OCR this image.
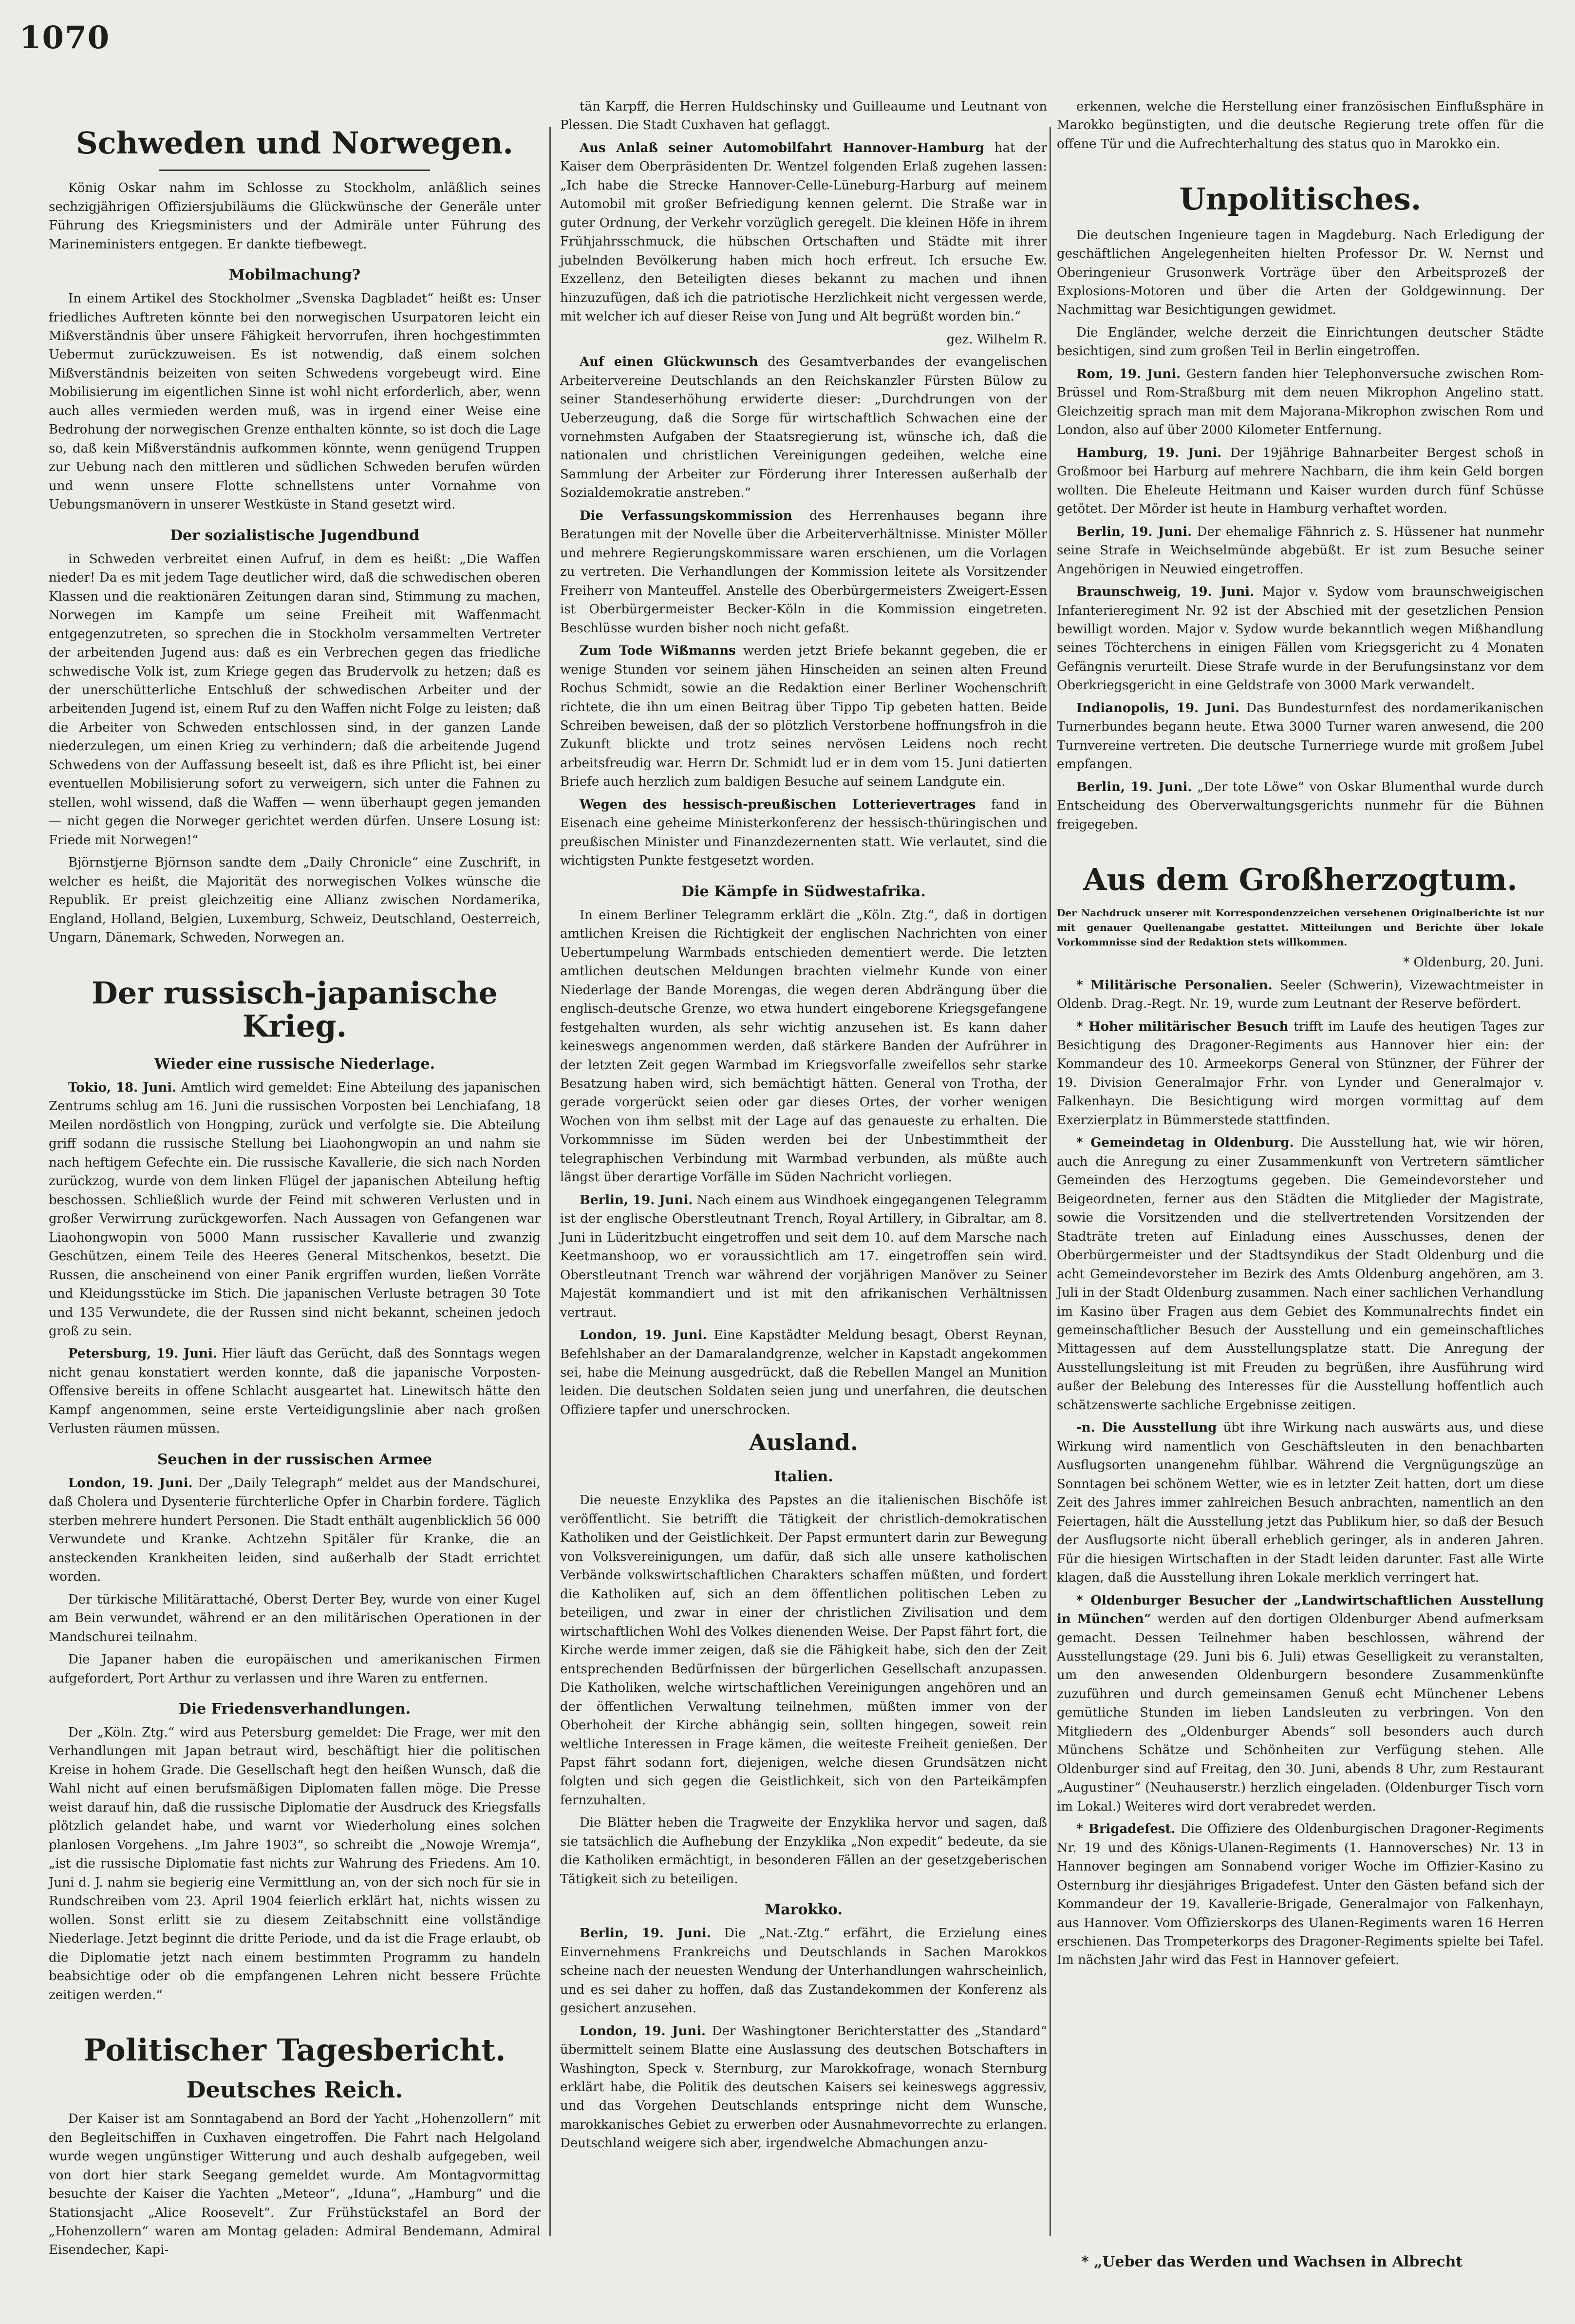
1070
Schweden und Norwegen.

König Oskar nahm im Schlosse zu Stockholm, anläßlich seines sechzigjährigen Offiziersjubiläums die Glückwünsche der Generäle unter Führung des Kriegsministers und der Admiräle unter Führung des Marineministers entgegen. Er dankte tiefbewegt.

Mobilmachung?

In einem Artikel des Stockholmer „Svenska Dagbladet“ heißt es: Unser friedliches Auftreten könnte bei den norwegischen Usurpatoren leicht ein Mißverständnis über unsere Fähigkeit hervorrufen, ihren hochgestimmten Uebermut zurückzuweisen. Es ist notwendig, daß einem solchen Mißverständnis beizeiten von seiten Schwedens vorgebeugt wird. Eine Mobilisierung im eigentlichen Sinne ist wohl nicht erforderlich, aber, wenn auch alles vermieden werden muß, was in irgend einer Weise eine Bedrohung der norwegischen Grenze enthalten könnte, so ist doch die Lage so, daß kein Mißverständnis aufkommen könnte, wenn genügend Truppen zur Uebung nach den mittleren und südlichen Schweden berufen würden und wenn unsere Flotte schnellstens unter Vornahme von Uebungsmanövern in unserer Westküste in Stand gesetzt wird.

Der sozialistische Jugendbund

in Schweden verbreitet einen Aufruf, in dem es heißt: „Die Waffen nieder! Da es mit jedem Tage deutlicher wird, daß die schwedischen oberen Klassen und die reaktionären Zeitungen daran sind, Stimmung zu machen, Norwegen im Kampfe um seine Freiheit mit Waffenmacht entgegenzutreten, so sprechen die in Stockholm versammelten Vertreter der arbeitenden Jugend aus: daß es ein Verbrechen gegen das friedliche schwedische Volk ist, zum Kriege gegen das Brudervolk zu hetzen; daß es der unerschütterliche Entschluß der schwedischen Arbeiter und der arbeitenden Jugend ist, einem Ruf zu den Waffen nicht Folge zu leisten; daß die Arbeiter von Schweden entschlossen sind, in der ganzen Lande niederzulegen, um einen Krieg zu verhindern; daß die arbeitende Jugend Schwedens von der Auffassung beseelt ist, daß es ihre Pflicht ist, bei einer eventuellen Mobilisierung sofort zu verweigern, sich unter die Fahnen zu stellen, wohl wissend, daß die Waffen — wenn überhaupt gegen jemanden — nicht gegen die Norweger gerichtet werden dürfen. Unsere Losung ist: Friede mit Norwegen!“

Björnstjerne Björnson sandte dem „Daily Chronicle“ eine Zuschrift, in welcher es heißt, die Majorität des norwegischen Volkes wünsche die Republik. Er preist gleichzeitig eine Allianz zwischen Nordamerika, England, Holland, Belgien, Luxemburg, Schweiz, Deutschland, Oesterreich, Ungarn, Dänemark, Schweden, Norwegen an.

Der russisch-japanische Krieg.
Wieder eine russische Niederlage.

Tokio, 18. Juni. Amtlich wird gemeldet: Eine Abteilung des japanischen Zentrums schlug am 16. Juni die russischen Vorposten bei Lenchiafang, 18 Meilen nordöstlich von Hongping, zurück und verfolgte sie. Die Abteilung griff sodann die russische Stellung bei Liaohongwopin an und nahm sie nach heftigem Gefechte ein. Die russische Kavallerie, die sich nach Norden zurückzog, wurde von dem linken Flügel der japanischen Abteilung heftig beschossen. Schließlich wurde der Feind mit schweren Verlusten und in großer Verwirrung zurückgeworfen. Nach Aussagen von Gefangenen war Liaohongwopin von 5000 Mann russischer Kavallerie und zwanzig Geschützen, einem Teile des Heeres General Mitschenkos, besetzt. Die Russen, die anscheinend von einer Panik ergriffen wurden, ließen Vorräte und Kleidungsstücke im Stich. Die japanischen Verluste betragen 30 Tote und 135 Verwundete, die der Russen sind nicht bekannt, scheinen jedoch groß zu sein.

Petersburg, 19. Juni. Hier läuft das Gerücht, daß des Sonntags wegen nicht genau konstatiert werden konnte, daß die japanische Vorposten-Offensive bereits in offene Schlacht ausgeartet hat. Linewitsch hätte den Kampf angenommen, seine erste Verteidigungslinie aber nach großen Verlusten räumen müssen.

Seuchen in der russischen Armee

London, 19. Juni. Der „Daily Telegraph“ meldet aus der Mandschurei, daß Cholera und Dysenterie fürchterliche Opfer in Charbin fordere. Täglich sterben mehrere hundert Personen. Die Stadt enthält augenblicklich 56 000 Verwundete und Kranke. Achtzehn Spitäler für Kranke, die an ansteckenden Krankheiten leiden, sind außerhalb der Stadt errichtet worden.

Der türkische Militärattaché, Oberst Derter Bey, wurde von einer Kugel am Bein verwundet, während er an den militärischen Operationen in der Mandschurei teilnahm.

Die Japaner haben die europäischen und amerikanischen Firmen aufgefordert, Port Arthur zu verlassen und ihre Waren zu entfernen.

Die Friedensverhandlungen.

Der „Köln. Ztg.“ wird aus Petersburg gemeldet: Die Frage, wer mit den Verhandlungen mit Japan betraut wird, beschäftigt hier die politischen Kreise in hohem Grade. Die Gesellschaft hegt den heißen Wunsch, daß die Wahl nicht auf einen berufsmäßigen Diplomaten fallen möge. Die Presse weist darauf hin, daß die russische Diplomatie der Ausdruck des Kriegsfalls plötzlich gelandet habe, und warnt vor Wiederholung eines solchen planlosen Vorgehens. „Im Jahre 1903“, so schreibt die „Nowoje Wremja“, „ist die russische Diplomatie fast nichts zur Wahrung des Friedens. Am 10. Juni d. J. nahm sie begierig eine Vermittlung an, von der sich noch für sie in Rundschreiben vom 23. April 1904 feierlich erklärt hat, nichts wissen zu wollen. Sonst erlitt sie zu diesem Zeitabschnitt eine vollständige Niederlage. Jetzt beginnt die dritte Periode, und da ist die Frage erlaubt, ob die Diplomatie jetzt nach einem bestimmten Programm zu handeln beabsichtige oder ob die empfangenen Lehren nicht bessere Früchte zeitigen werden.“

Politischer Tagesbericht.
Deutsches Reich.

Der Kaiser ist am Sonntagabend an Bord der Yacht „Hohenzollern“ mit den Begleitschiffen in Cuxhaven eingetroffen. Die Fahrt nach Helgoland wurde wegen ungünstiger Witterung und auch deshalb aufgegeben, weil von dort hier stark Seegang gemeldet wurde. Am Montagvormittag besuchte der Kaiser die Yachten „Meteor“, „Iduna“, „Hamburg“ und die Stationsjacht „Alice Roosevelt“. Zur Frühstückstafel an Bord der „Hohenzollern“ waren am Montag geladen: Admiral Bendemann, Admiral Eisendecher, Kapi-

tän Karpff, die Herren Huldschinsky und Guilleaume und Leutnant von Plessen. Die Stadt Cuxhaven hat geflaggt.

Aus Anlaß seiner Automobilfahrt Hannover-Hamburg hat der Kaiser dem Oberpräsidenten Dr. Wentzel folgenden Erlaß zugehen lassen: „Ich habe die Strecke Hannover-Celle-Lüneburg-Harburg auf meinem Automobil mit großer Befriedigung kennen gelernt. Die Straße war in guter Ordnung, der Verkehr vorzüglich geregelt. Die kleinen Höfe in ihrem Frühjahrsschmuck, die hübschen Ortschaften und Städte mit ihrer jubelnden Bevölkerung haben mich hoch erfreut. Ich ersuche Ew. Exzellenz, den Beteiligten dieses bekannt zu machen und ihnen hinzuzufügen, daß ich die patriotische Herzlichkeit nicht vergessen werde, mit welcher ich auf dieser Reise von Jung und Alt begrüßt worden bin.“

gez. Wilhelm R.

Auf einen Glückwunsch des Gesamtverbandes der evangelischen Arbeitervereine Deutschlands an den Reichskanzler Fürsten Bülow zu seiner Standeserhöhung erwiderte dieser: „Durchdrungen von der Ueberzeugung, daß die Sorge für wirtschaftlich Schwachen eine der vornehmsten Aufgaben der Staatsregierung ist, wünsche ich, daß die nationalen und christlichen Vereinigungen gedeihen, welche eine Sammlung der Arbeiter zur Förderung ihrer Interessen außerhalb der Sozialdemokratie anstreben.“

Die Verfassungskommission des Herrenhauses begann ihre Beratungen mit der Novelle über die Arbeiterverhältnisse. Minister Möller und mehrere Regierungskommissare waren erschienen, um die Vorlagen zu vertreten. Die Verhandlungen der Kommission leitete als Vorsitzender Freiherr von Manteuffel. Anstelle des Oberbürgermeisters Zweigert-Essen ist Oberbürgermeister Becker-Köln in die Kommission eingetreten. Beschlüsse wurden bisher noch nicht gefaßt.

Zum Tode Wißmanns werden jetzt Briefe bekannt gegeben, die er wenige Stunden vor seinem jähen Hinscheiden an seinen alten Freund Rochus Schmidt, sowie an die Redaktion einer Berliner Wochenschrift richtete, die ihn um einen Beitrag über Tippo Tip gebeten hatten. Beide Schreiben beweisen, daß der so plötzlich Verstorbene hoffnungsfroh in die Zukunft blickte und trotz seines nervösen Leidens noch recht arbeitsfreudig war. Herrn Dr. Schmidt lud er in dem vom 15. Juni datierten Briefe auch herzlich zum baldigen Besuche auf seinem Landgute ein.

Wegen des hessisch-preußischen Lotterievertrages fand in Eisenach eine geheime Ministerkonferenz der hessisch-thüringischen und preußischen Minister und Finanzdezernenten statt. Wie verlautet, sind die wichtigsten Punkte festgesetzt worden.

Die Kämpfe in Südwestafrika.

In einem Berliner Telegramm erklärt die „Köln. Ztg.“, daß in dortigen amtlichen Kreisen die Richtigkeit der englischen Nachrichten von einer Uebertumpelung Warmbads entschieden dementiert werde. Die letzten amtlichen deutschen Meldungen brachten vielmehr Kunde von einer Niederlage der Bande Morengas, die wegen deren Abdrängung über die englisch-deutsche Grenze, wo etwa hundert eingeborene Kriegsgefangene festgehalten wurden, als sehr wichtig anzusehen ist. Es kann daher keineswegs angenommen werden, daß stärkere Banden der Aufrührer in der letzten Zeit gegen Warmbad im Kriegsvorfalle zweifellos sehr starke Besatzung haben wird, sich bemächtigt hätten. General von Trotha, der gerade vorgerückt seien oder gar dieses Ortes, der vorher wenigen Wochen von ihm selbst mit der Lage auf das genaueste zu erhalten. Die Vorkommnisse im Süden werden bei der Unbestimmtheit der telegraphischen Verbindung mit Warmbad verbunden, als müßte auch längst über derartige Vorfälle im Süden Nachricht vorliegen.

Berlin, 19. Juni. Nach einem aus Windhoek eingegangenen Telegramm ist der englische Oberstleutnant Trench, Royal Artillery, in Gibraltar, am 8. Juni in Lüderitzbucht eingetroffen und seit dem 10. auf dem Marsche nach Keetmanshoop, wo er voraussichtlich am 17. eingetroffen sein wird. Oberstleutnant Trench war während der vorjährigen Manöver zu Seiner Majestät kommandiert und ist mit den afrikanischen Verhältnissen vertraut.

London, 19. Juni. Eine Kapstädter Meldung besagt, Oberst Reynan, Befehlshaber an der Damaralandgrenze, welcher in Kapstadt angekommen sei, habe die Meinung ausgedrückt, daß die Rebellen Mangel an Munition leiden. Die deutschen Soldaten seien jung und unerfahren, die deutschen Offiziere tapfer und unerschrocken.

Ausland.
Italien.

Die neueste Enzyklika des Papstes an die italienischen Bischöfe ist veröffentlicht. Sie betrifft die Tätigkeit der christlich-demokratischen Katholiken und der Geistlichkeit. Der Papst ermuntert darin zur Bewegung von Volksvereinigungen, um dafür, daß sich alle unsere katholischen Verbände volkswirtschaftlichen Charakters schaffen müßten, und fordert die Katholiken auf, sich an dem öffentlichen politischen Leben zu beteiligen, und zwar in einer der christlichen Zivilisation und dem wirtschaftlichen Wohl des Volkes dienenden Weise. Der Papst fährt fort, die Kirche werde immer zeigen, daß sie die Fähigkeit habe, sich den der Zeit entsprechenden Bedürfnissen der bürgerlichen Gesellschaft anzupassen. Die Katholiken, welche wirtschaftlichen Vereinigungen angehören und an der öffentlichen Verwaltung teilnehmen, müßten immer von der Oberhoheit der Kirche abhängig sein, sollten hingegen, soweit rein weltliche Interessen in Frage kämen, die weiteste Freiheit genießen. Der Papst fährt sodann fort, diejenigen, welche diesen Grundsätzen nicht folgten und sich gegen die Geistlichkeit, sich von den Parteikämpfen fernzuhalten.

Die Blätter heben die Tragweite der Enzyklika hervor und sagen, daß sie tatsächlich die Aufhebung der Enzyklika „Non expedit“ bedeute, da sie die Katholiken ermächtigt, in besonderen Fällen an der gesetzgeberischen Tätigkeit sich zu beteiligen.

Marokko.

Berlin, 19. Juni. Die „Nat.-Ztg.“ erfährt, die Erzielung eines Einvernehmens Frankreichs und Deutschlands in Sachen Marokkos scheine nach der neuesten Wendung der Unterhandlungen wahrscheinlich, und es sei daher zu hoffen, daß das Zustandekommen der Konferenz als gesichert anzusehen.

London, 19. Juni. Der Washingtoner Berichterstatter des „Standard“ übermittelt seinem Blatte eine Auslassung des deutschen Botschafters in Washington, Speck v. Sternburg, zur Marokkofrage, wonach Sternburg erklärt habe, die Politik des deutschen Kaisers sei keineswegs aggressiv, und das Vorgehen Deutschlands entspringe nicht dem Wunsche, marokkanisches Gebiet zu erwerben oder Ausnahmevorrechte zu erlangen. Deutschland weigere sich aber, irgendwelche Abmachungen anzu-

erkennen, welche die Herstellung einer französischen Einflußsphäre in Marokko begünstigten, und die deutsche Regierung trete offen für die offene Tür und die Aufrechterhaltung des status quo in Marokko ein.

Unpolitisches.

Die deutschen Ingenieure tagen in Magdeburg. Nach Erledigung der geschäftlichen Angelegenheiten hielten Professor Dr. W. Nernst und Oberingenieur Grusonwerk Vorträge über den Arbeitsprozeß der Explosions-Motoren und über die Arten der Goldgewinnung. Der Nachmittag war Besichtigungen gewidmet.

Die Engländer, welche derzeit die Einrichtungen deutscher Städte besichtigen, sind zum großen Teil in Berlin eingetroffen.

Rom, 19. Juni. Gestern fanden hier Telephonversuche zwischen Rom-Brüssel und Rom-Straßburg mit dem neuen Mikrophon Angelino statt. Gleichzeitig sprach man mit dem Majorana-Mikrophon zwischen Rom und London, also auf über 2000 Kilometer Entfernung.

Hamburg, 19. Juni. Der 19jährige Bahnarbeiter Bergest schoß in Großmoor bei Harburg auf mehrere Nachbarn, die ihm kein Geld borgen wollten. Die Eheleute Heitmann und Kaiser wurden durch fünf Schüsse getötet. Der Mörder ist heute in Hamburg verhaftet worden.

Berlin, 19. Juni. Der ehemalige Fähnrich z. S. Hüssener hat nunmehr seine Strafe in Weichselmünde abgebüßt. Er ist zum Besuche seiner Angehörigen in Neuwied eingetroffen.

Braunschweig, 19. Juni. Major v. Sydow vom braunschweigischen Infanterieregiment Nr. 92 ist der Abschied mit der gesetzlichen Pension bewilligt worden. Major v. Sydow wurde bekanntlich wegen Mißhandlung seines Töchterchens in einigen Fällen vom Kriegsgericht zu 4 Monaten Gefängnis verurteilt. Diese Strafe wurde in der Berufungsinstanz vor dem Oberkriegsgericht in eine Geldstrafe von 3000 Mark verwandelt.

Indianopolis, 19. Juni. Das Bundesturnfest des nordamerikanischen Turnerbundes begann heute. Etwa 3000 Turner waren anwesend, die 200 Turnvereine vertreten. Die deutsche Turnerriege wurde mit großem Jubel empfangen.

Berlin, 19. Juni. „Der tote Löwe“ von Oskar Blumenthal wurde durch Entscheidung des Oberverwaltungsgerichts nunmehr für die Bühnen freigegeben.

Aus dem Großherzogtum.

Der Nachdruck unserer mit Korrespondenzzeichen versehenen Originalberichte ist nur mit genauer Quellenangabe gestattet. Mitteilungen und Berichte über lokale Vorkommnisse sind der Redaktion stets willkommen.

* Oldenburg, 20. Juni.

* Militärische Personalien. Seeler (Schwerin), Vizewachtmeister in Oldenb. Drag.-Regt. Nr. 19, wurde zum Leutnant der Reserve befördert.

* Hoher militärischer Besuch trifft im Laufe des heutigen Tages zur Besichtigung des Dragoner-Regiments aus Hannover hier ein: der Kommandeur des 10. Armeekorps General von Stünzner, der Führer der 19. Division Generalmajor Frhr. von Lynder und Generalmajor v. Falkenhayn. Die Besichtigung wird morgen vormittag auf dem Exerzierplatz in Bümmerstede stattfinden.

* Gemeindetag in Oldenburg. Die Ausstellung hat, wie wir hören, auch die Anregung zu einer Zusammenkunft von Vertretern sämtlicher Gemeinden des Herzogtums gegeben. Die Gemeindevorsteher und Beigeordneten, ferner aus den Städten die Mitglieder der Magistrate, sowie die Vorsitzenden und die stellvertretenden Vorsitzenden der Stadträte treten auf Einladung eines Ausschusses, denen der Oberbürgermeister und der Stadtsyndikus der Stadt Oldenburg und die acht Gemeindevorsteher im Bezirk des Amts Oldenburg angehören, am 3. Juli in der Stadt Oldenburg zusammen. Nach einer sachlichen Verhandlung im Kasino über Fragen aus dem Gebiet des Kommunalrechts findet ein gemeinschaftlicher Besuch der Ausstellung und ein gemeinschaftliches Mittagessen auf dem Ausstellungsplatze statt. Die Anregung der Ausstellungsleitung ist mit Freuden zu begrüßen, ihre Ausführung wird außer der Belebung des Interesses für die Ausstellung hoffentlich auch schätzenswerte sachliche Ergebnisse zeitigen.

-n. Die Ausstellung übt ihre Wirkung nach auswärts aus, und diese Wirkung wird namentlich von Geschäftsleuten in den benachbarten Ausflugsorten unangenehm fühlbar. Während die Vergnügungszüge an Sonntagen bei schönem Wetter, wie es in letzter Zeit hatten, dort um diese Zeit des Jahres immer zahlreichen Besuch anbrachten, namentlich an den Feiertagen, hält die Ausstellung jetzt das Publikum hier, so daß der Besuch der Ausflugsorte nicht überall erheblich geringer, als in anderen Jahren. Für die hiesigen Wirtschaften in der Stadt leiden darunter. Fast alle Wirte klagen, daß die Ausstellung ihren Lokale merklich verringert hat.

* Oldenburger Besucher der „Landwirtschaftlichen Ausstellung in München“ werden auf den dortigen Oldenburger Abend aufmerksam gemacht. Dessen Teilnehmer haben beschlossen, während der Ausstellungstage (29. Juni bis 6. Juli) etwas Geselligkeit zu veranstalten, um den anwesenden Oldenburgern besondere Zusammenkünfte zuzuführen und durch gemeinsamen Genuß echt Münchener Lebens gemütliche Stunden im lieben Landsleuten zu verbringen. Von den Mitgliedern des „Oldenburger Abends“ soll besonders auch durch Münchens Schätze und Schönheiten zur Verfügung stehen. Alle Oldenburger sind auf Freitag, den 30. Juni, abends 8 Uhr, zum Restaurant „Augustiner“ (Neuhauserstr.) herzlich eingeladen. (Oldenburger Tisch vorn im Lokal.) Weiteres wird dort verabredet werden.

* Brigadefest. Die Offiziere des Oldenburgischen Dragoner-Regiments Nr. 19 und des Königs-Ulanen-Regiments (1. Hannoversches) Nr. 13 in Hannover begingen am Sonnabend voriger Woche im Offizier-Kasino zu Osternburg ihr diesjähriges Brigadefest. Unter den Gästen befand sich der Kommandeur der 19. Kavallerie-Brigade, Generalmajor von Falkenhayn, aus Hannover. Vom Offizierskorps des Ulanen-Regiments waren 16 Herren erschienen. Das Trompeterkorps des Dragoner-Regiments spielte bei Tafel. Im nächsten Jahr wird das Fest in Hannover gefeiert.

* „Ueber das Werden und Wachsen in Albrecht
